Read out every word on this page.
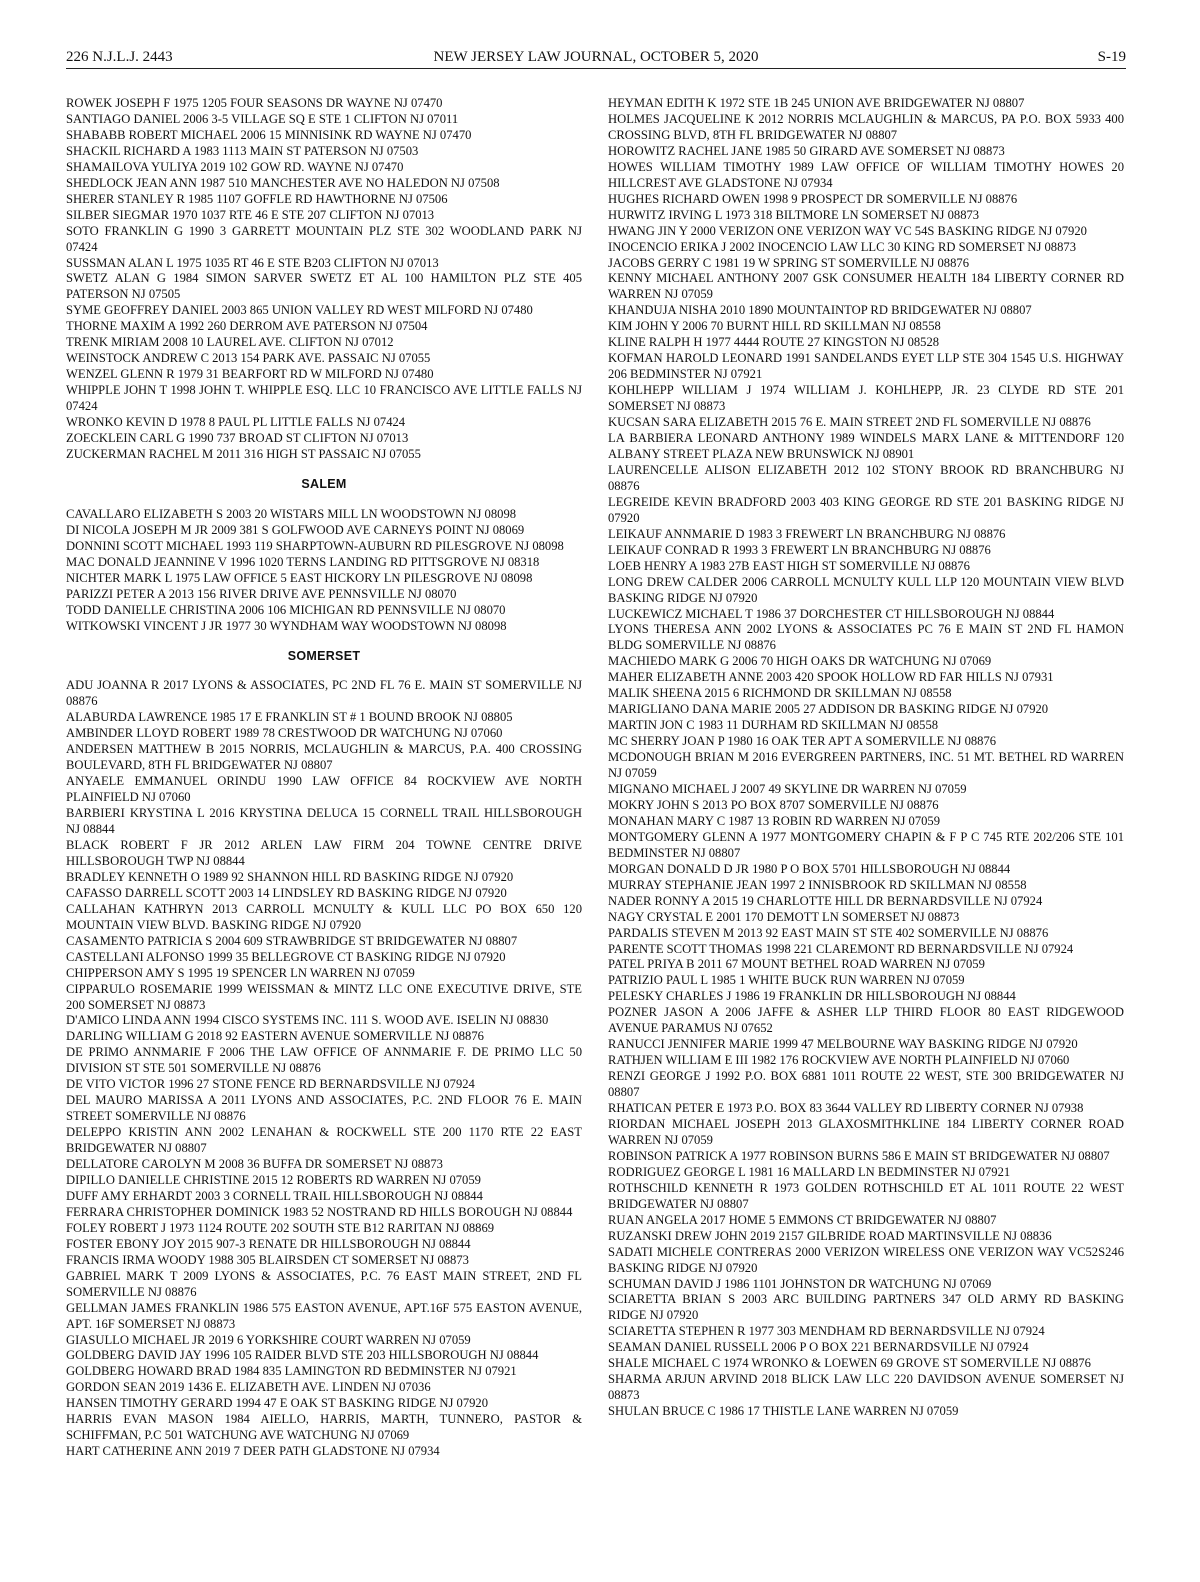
226 N.J.L.J. 2443	NEW JERSEY LAW JOURNAL, OCTOBER 5, 2020	S-19
ROWEK JOSEPH F 1975 1205 FOUR SEASONS DR WAYNE NJ 07470
SANTIAGO DANIEL 2006 3-5 VILLAGE SQ E STE 1 CLIFTON NJ 07011
SHABABB ROBERT MICHAEL 2006 15 MINNISINK RD WAYNE NJ 07470
SHACKIL RICHARD A 1983 1113 MAIN ST PATERSON NJ 07503
SHAMAILOVA YULIYA 2019 102 GOW RD. WAYNE NJ 07470
SHEDLOCK JEAN ANN 1987 510 MANCHESTER AVE NO HALEDON NJ 07508
SHERER STANLEY R 1985 1107 GOFFLE RD HAWTHORNE NJ 07506
SILBER SIEGMAR 1970 1037 RTE 46 E STE 207 CLIFTON NJ 07013
SOTO FRANKLIN G 1990 3 GARRETT MOUNTAIN PLZ STE 302 WOODLAND PARK NJ 07424
SUSSMAN ALAN L 1975 1035 RT 46 E STE B203 CLIFTON NJ 07013
SWETZ ALAN G 1984 SIMON SARVER SWETZ ET AL 100 HAMILTON PLZ STE 405 PATERSON NJ 07505
SYME GEOFFREY DANIEL 2003 865 UNION VALLEY RD WEST MILFORD NJ 07480
THORNE MAXIM A 1992 260 DERROM AVE PATERSON NJ 07504
TRENK MIRIAM 2008 10 LAUREL AVE. CLIFTON NJ 07012
WEINSTOCK ANDREW C 2013 154 PARK AVE. PASSAIC NJ 07055
WENZEL GLENN R 1979 31 BEARFORT RD W MILFORD NJ 07480
WHIPPLE JOHN T 1998 JOHN T. WHIPPLE ESQ. LLC 10 FRANCISCO AVE LITTLE FALLS NJ 07424
WRONKO KEVIN D 1978 8 PAUL PL LITTLE FALLS NJ 07424
ZOECKLEIN CARL G 1990 737 BROAD ST CLIFTON NJ 07013
ZUCKERMAN RACHEL M 2011 316 HIGH ST PASSAIC NJ 07055
SALEM
CAVALLARO ELIZABETH S 2003 20 WISTARS MILL LN WOODSTOWN NJ 08098
DI NICOLA JOSEPH M JR 2009 381 S GOLFWOOD AVE CARNEYS POINT NJ 08069
DONNINI SCOTT MICHAEL 1993 119 SHARPTOWN-AUBURN RD PILESGROVE NJ 08098
MAC DONALD JEANNINE V 1996 1020 TERNS LANDING RD PITTSGROVE NJ 08318
NICHTER MARK L 1975 LAW OFFICE 5 EAST HICKORY LN PILESGROVE NJ 08098
PARIZZI PETER A 2013 156 RIVER DRIVE AVE PENNSVILLE NJ 08070
TODD DANIELLE CHRISTINA 2006 106 MICHIGAN RD PENNSVILLE NJ 08070
WITKOWSKI VINCENT J JR 1977 30 WYNDHAM WAY WOODSTOWN NJ 08098
SOMERSET
ADU JOANNA R 2017 LYONS & ASSOCIATES, PC 2ND FL 76 E. MAIN ST SOMERVILLE NJ 08876
ALABURDA LAWRENCE 1985 17 E FRANKLIN ST # 1 BOUND BROOK NJ 08805
AMBINDER LLOYD ROBERT 1989 78 CRESTWOOD DR WATCHUNG NJ 07060
ANDERSEN MATTHEW B 2015 NORRIS, MCLAUGHLIN & MARCUS, P.A. 400 CROSSING BOULEVARD, 8TH FL BRIDGEWATER NJ 08807
ANYAELE EMMANUEL ORINDU 1990 LAW OFFICE 84 ROCKVIEW AVE NORTH PLAINFIELD NJ 07060
BARBIERI KRYSTINA L 2016 KRYSTINA DELUCA 15 CORNELL TRAIL HILLSBOROUGH NJ 08844
BLACK ROBERT F JR 2012 ARLEN LAW FIRM 204 TOWNE CENTRE DRIVE HILLSBOROUGH TWP NJ 08844
BRADLEY KENNETH O 1989 92 SHANNON HILL RD BASKING RIDGE NJ 07920
CAFASSO DARRELL SCOTT 2003 14 LINDSLEY RD BASKING RIDGE NJ 07920
CALLAHAN KATHRYN 2013 CARROLL MCNULTY & KULL LLC PO BOX 650 120 MOUNTAIN VIEW BLVD. BASKING RIDGE NJ 07920
CASAMENTO PATRICIA S 2004 609 STRAWBRIDGE ST BRIDGEWATER NJ 08807
CASTELLANI ALFONSO 1999 35 BELLEGROVE CT BASKING RIDGE NJ 07920
CHIPPERSON AMY S 1995 19 SPENCER LN WARREN NJ 07059
CIPPARULO ROSEMARIE 1999 WEISSMAN & MINTZ LLC ONE EXECUTIVE DRIVE, STE 200 SOMERSET NJ 08873
D'AMICO LINDA ANN 1994 CISCO SYSTEMS INC. 111 S. WOOD AVE. ISELIN NJ 08830
DARLING WILLIAM G 2018 92 EASTERN AVENUE SOMERVILLE NJ 08876
DE PRIMO ANNMARIE F 2006 THE LAW OFFICE OF ANNMARIE F. DE PRIMO LLC 50 DIVISION ST STE 501 SOMERVILLE NJ 08876
DE VITO VICTOR 1996 27 STONE FENCE RD BERNARDSVILLE NJ 07924
DEL MAURO MARISSA A 2011 LYONS AND ASSOCIATES, P.C. 2ND FLOOR 76 E. MAIN STREET SOMERVILLE NJ 08876
DELEPPO KRISTIN ANN 2002 LENAHAN & ROCKWELL STE 200 1170 RTE 22 EAST BRIDGEWATER NJ 08807
DELLATORE CAROLYN M 2008 36 BUFFA DR SOMERSET NJ 08873
DIPILLO DANIELLE CHRISTINE 2015 12 ROBERTS RD WARREN NJ 07059
DUFF AMY ERHARDT 2003 3 CORNELL TRAIL HILLSBOROUGH NJ 08844
FERRARA CHRISTOPHER DOMINICK 1983 52 NOSTRAND RD HILLS BOROUGH NJ 08844
FOLEY ROBERT J 1973 1124 ROUTE 202 SOUTH STE B12 RARITAN NJ 08869
FOSTER EBONY JOY 2015 907-3 RENATE DR HILLSBOROUGH NJ 08844
FRANCIS IRMA WOODY 1988 305 BLAIRSDEN CT SOMERSET NJ 08873
GABRIEL MARK T 2009 LYONS & ASSOCIATES, P.C. 76 EAST MAIN STREET, 2ND FL SOMERVILLE NJ 08876
GELLMAN JAMES FRANKLIN 1986 575 EASTON AVENUE, APT.16F 575 EASTON AVENUE, APT. 16F SOMERSET NJ 08873
GIASULLO MICHAEL JR 2019 6 YORKSHIRE COURT WARREN NJ 07059
GOLDBERG DAVID JAY 1996 105 RAIDER BLVD STE 203 HILLSBOROUGH NJ 08844
GOLDBERG HOWARD BRAD 1984 835 LAMINGTON RD BEDMINSTER NJ 07921
GORDON SEAN 2019 1436 E. ELIZABETH AVE. LINDEN NJ 07036
HANSEN TIMOTHY GERARD 1994 47 E OAK ST BASKING RIDGE NJ 07920
HARRIS EVAN MASON 1984 AIELLO, HARRIS, MARTH, TUNNERO, PASTOR & SCHIFFMAN, P.C 501 WATCHUNG AVE WATCHUNG NJ 07069
HART CATHERINE ANN 2019 7 DEER PATH GLADSTONE NJ 07934
HEYMAN EDITH K 1972 STE 1B 245 UNION AVE BRIDGEWATER NJ 08807
HOLMES JACQUELINE K 2012 NORRIS MCLAUGHLIN & MARCUS, PA P.O. BOX 5933 400 CROSSING BLVD, 8TH FL BRIDGEWATER NJ 08807
HOROWITZ RACHEL JANE 1985 50 GIRARD AVE SOMERSET NJ 08873
HOWES WILLIAM TIMOTHY 1989 LAW OFFICE OF WILLIAM TIMOTHY HOWES 20 HILLCREST AVE GLADSTONE NJ 07934
HUGHES RICHARD OWEN 1998 9 PROSPECT DR SOMERVILLE NJ 08876
HURWITZ IRVING L 1973 318 BILTMORE LN SOMERSET NJ 08873
HWANG JIN Y 2000 VERIZON ONE VERIZON WAY VC 54S BASKING RIDGE NJ 07920
INOCENCIO ERIKA J 2002 INOCENCIO LAW LLC 30 KING RD SOMERSET NJ 08873
JACOBS GERRY C 1981 19 W SPRING ST SOMERVILLE NJ 08876
KENNY MICHAEL ANTHONY 2007 GSK CONSUMER HEALTH 184 LIBERTY CORNER RD WARREN NJ 07059
KHANDUJA NISHA 2010 1890 MOUNTAINTOP RD BRIDGEWATER NJ 08807
KIM JOHN Y 2006 70 BURNT HILL RD SKILLMAN NJ 08558
KLINE RALPH H 1977 4444 ROUTE 27 KINGSTON NJ 08528
KOFMAN HAROLD LEONARD 1991 SANDELANDS EYET LLP STE 304 1545 U.S. HIGHWAY 206 BEDMINSTER NJ 07921
KOHLHEPP WILLIAM J 1974 WILLIAM J. KOHLHEPP, JR. 23 CLYDE RD STE 201 SOMERSET NJ 08873
KUCSAN SARA ELIZABETH 2015 76 E. MAIN STREET 2ND FL SOMERVILLE NJ 08876
LA BARBIERA LEONARD ANTHONY 1989 WINDELS MARX LANE & MITTENDORF 120 ALBANY STREET PLAZA NEW BRUNSWICK NJ 08901
LAURENCELLE ALISON ELIZABETH 2012 102 STONY BROOK RD BRANCHBURG NJ 08876
LEGREIDE KEVIN BRADFORD 2003 403 KING GEORGE RD STE 201 BASKING RIDGE NJ 07920
LEIKAUF ANNMARIE D 1983 3 FREWERT LN BRANCHBURG NJ 08876
LEIKAUF CONRAD R 1993 3 FREWERT LN BRANCHBURG NJ 08876
LOEB HENRY A 1983 27B EAST HIGH ST SOMERVILLE NJ 08876
LONG DREW CALDER 2006 CARROLL MCNULTY KULL LLP 120 MOUNTAIN VIEW BLVD BASKING RIDGE NJ 07920
LUCKEWICZ MICHAEL T 1986 37 DORCHESTER CT HILLSBOROUGH NJ 08844
LYONS THERESA ANN 2002 LYONS & ASSOCIATES PC 76 E MAIN ST 2ND FL HAMON BLDG SOMERVILLE NJ 08876
MACHIEDO MARK G 2006 70 HIGH OAKS DR WATCHUNG NJ 07069
MAHER ELIZABETH ANNE 2003 420 SPOOK HOLLOW RD FAR HILLS NJ 07931
MALIK SHEENA 2015 6 RICHMOND DR SKILLMAN NJ 08558
MARIGLIANO DANA MARIE 2005 27 ADDISON DR BASKING RIDGE NJ 07920
MARTIN JON C 1983 11 DURHAM RD SKILLMAN NJ 08558
MC SHERRY JOAN P 1980 16 OAK TER APT A SOMERVILLE NJ 08876
MCDONOUGH BRIAN M 2016 EVERGREEN PARTNERS, INC. 51 MT. BETHEL RD WARREN NJ 07059
MIGNANO MICHAEL J 2007 49 SKYLINE DR WARREN NJ 07059
MOKRY JOHN S 2013 PO BOX 8707 SOMERVILLE NJ 08876
MONAHAN MARY C 1987 13 ROBIN RD WARREN NJ 07059
MONTGOMERY GLENN A 1977 MONTGOMERY CHAPIN & F P C 745 RTE 202/206 STE 101 BEDMINSTER NJ 08807
MORGAN DONALD D JR 1980 P O BOX 5701 HILLSBOROUGH NJ 08844
MURRAY STEPHANIE JEAN 1997 2 INNISBROOK RD SKILLMAN NJ 08558
NADER RONNY A 2015 19 CHARLOTTE HILL DR BERNARDSVILLE NJ 07924
NAGY CRYSTAL E 2001 170 DEMOTT LN SOMERSET NJ 08873
PARDALIS STEVEN M 2013 92 EAST MAIN ST STE 402 SOMERVILLE NJ 08876
PARENTE SCOTT THOMAS 1998 221 CLAREMONT RD BERNARDSVILLE NJ 07924
PATEL PRIYA B 2011 67 MOUNT BETHEL ROAD WARREN NJ 07059
PATRIZIO PAUL L 1985 1 WHITE BUCK RUN WARREN NJ 07059
PELESKY CHARLES J 1986 19 FRANKLIN DR HILLSBOROUGH NJ 08844
POZNER JASON A 2006 JAFFE & ASHER LLP THIRD FLOOR 80 EAST RIDGEWOOD AVENUE PARAMUS NJ 07652
RANUCCI JENNIFER MARIE 1999 47 MELBOURNE WAY BASKING RIDGE NJ 07920
RATHJEN WILLIAM E III 1982 176 ROCKVIEW AVE NORTH PLAINFIELD NJ 07060
RENZI GEORGE J 1992 P.O. BOX 6881 1011 ROUTE 22 WEST, STE 300 BRIDGEWATER NJ 08807
RHATICAN PETER E 1973 P.O. BOX 83 3644 VALLEY RD LIBERTY CORNER NJ 07938
RIORDAN MICHAEL JOSEPH 2013 GLAXOSMITHKLINE 184 LIBERTY CORNER ROAD WARREN NJ 07059
ROBINSON PATRICK A 1977 ROBINSON BURNS 586 E MAIN ST BRIDGEWATER NJ 08807
RODRIGUEZ GEORGE L 1981 16 MALLARD LN BEDMINSTER NJ 07921
ROTHSCHILD KENNETH R 1973 GOLDEN ROTHSCHILD ET AL 1011 ROUTE 22 WEST BRIDGEWATER NJ 08807
RUAN ANGELA 2017 HOME 5 EMMONS CT BRIDGEWATER NJ 08807
RUZANSKI DREW JOHN 2019 2157 GILBRIDE ROAD MARTINSVILLE NJ 08836
SADATI MICHELE CONTRERAS 2000 VERIZON WIRELESS ONE VERIZON WAY VC52S246 BASKING RIDGE NJ 07920
SCHUMAN DAVID J 1986 1101 JOHNSTON DR WATCHUNG NJ 07069
SCIARETTA BRIAN S 2003 ARC BUILDING PARTNERS 347 OLD ARMY RD BASKING RIDGE NJ 07920
SCIARETTA STEPHEN R 1977 303 MENDHAM RD BERNARDSVILLE NJ 07924
SEAMAN DANIEL RUSSELL 2006 P O BOX 221 BERNARDSVILLE NJ 07924
SHALE MICHAEL C 1974 WRONKO & LOEWEN 69 GROVE ST SOMERVILLE NJ 08876
SHARMA ARJUN ARVIND 2018 BLICK LAW LLC 220 DAVIDSON AVENUE SOMERSET NJ 08873
SHULAN BRUCE C 1986 17 THISTLE LANE WARREN NJ 07059
